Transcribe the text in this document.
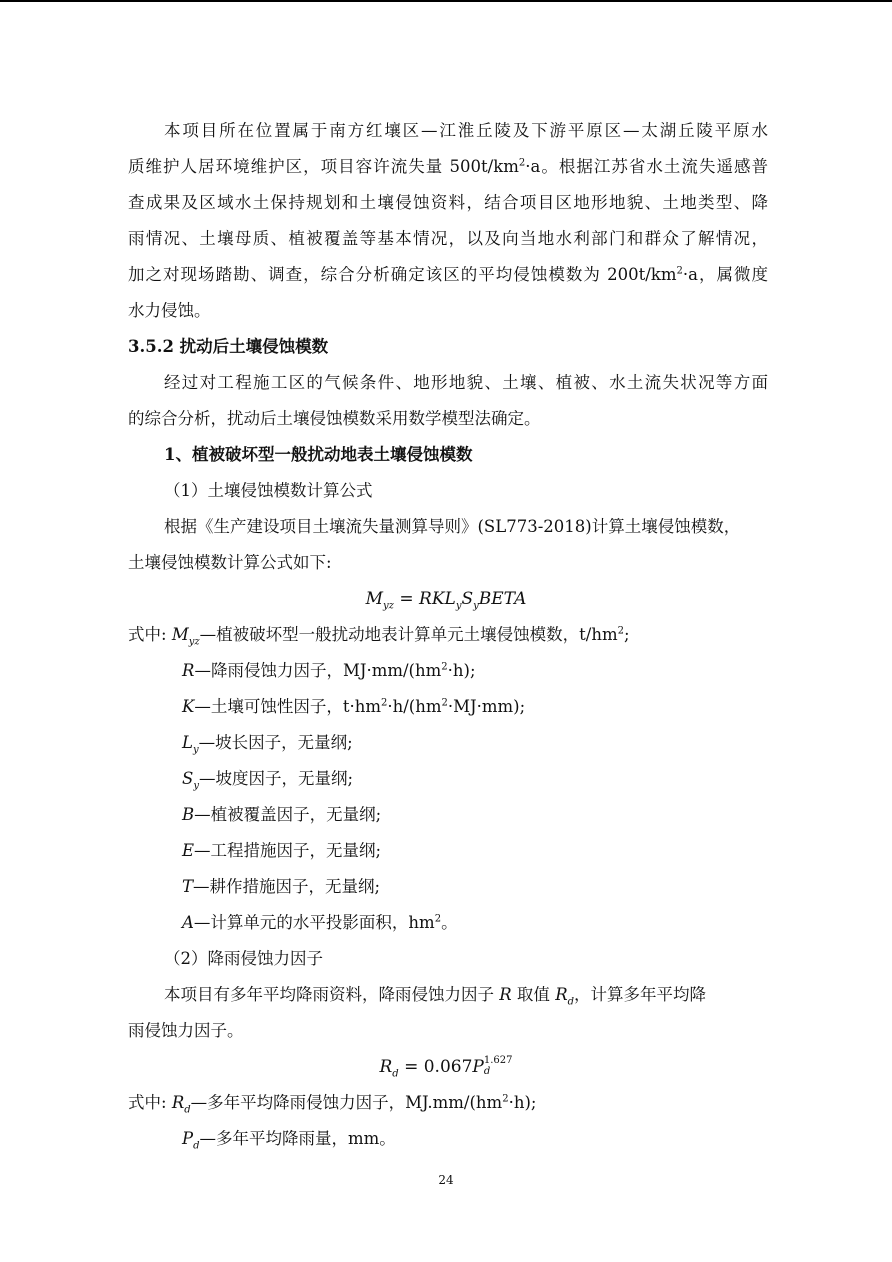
本项目所在位置属于南方红壤区—江淮丘陵及下游平原区—太湖丘陵平原水
质维护人居环境维护区，项目容许流失量 $500t/km^2\cdot a$。根据江苏省水土流失遥感普
查成果及区域水土保持规划和土壤侵蚀资料，结合项目区地形地貌、土地类型、降
雨情况、土壤母质、植被覆盖等基本情况，以及向当地水利部门和群众了解情况，
加之对现场踏勘、调查，综合分析确定该区的平均侵蚀模数为 $200t/km^2\cdot a$，属微度
水力侵蚀。
3.5.2 扰动后土壤侵蚀模数
经过对工程施工区的气候条件、地形地貌、土壤、植被、水土流失状况等方面
的综合分析，扰动后土壤侵蚀模数采用数学模型法确定。
1、植被破坏型一般扰动地表土壤侵蚀模数
（1）土壤侵蚀模数计算公式
根据《生产建设项目土壤流失量测算导则》(SL773-2018)计算土壤侵蚀模数，
土壤侵蚀模数计算公式如下:
$M_{yz}$ = $RKL_yS_yBETA$
式中: $M_{yz}—$植被破坏型一般扰动地表计算单元土壤侵蚀模数，$t/hm^2$;
R—降雨侵蚀力因子，$MJ\cdot mm/(hm^2\cdot h)$;
K—土壤可蚀性因子，$t\cdot hm^2\cdot h/(hm^2\cdot MJ\cdot mm)$;
$L_y—$坡长因子，无量纲;
$S_y—$坡度因子，无量纲;
B—植被覆盖因子，无量纲;
E—工程措施因子，无量纲;
T—耕作措施因子，无量纲;
A—计算单元的水平投影面积，$hm^2$。
（2）降雨侵蚀力因子
本项目有多年平均降雨资料，降雨侵蚀力因子 R 取值 $R_d$，计算多年平均降
雨侵蚀力因子。
$R_d = 0.067P$ 1.627
d
式中: $R_d—$多年平均降雨侵蚀力因子，$MJ.mm/(hm^2\cdot h)$;
$P_d—$多年平均降雨量，mm。
24
